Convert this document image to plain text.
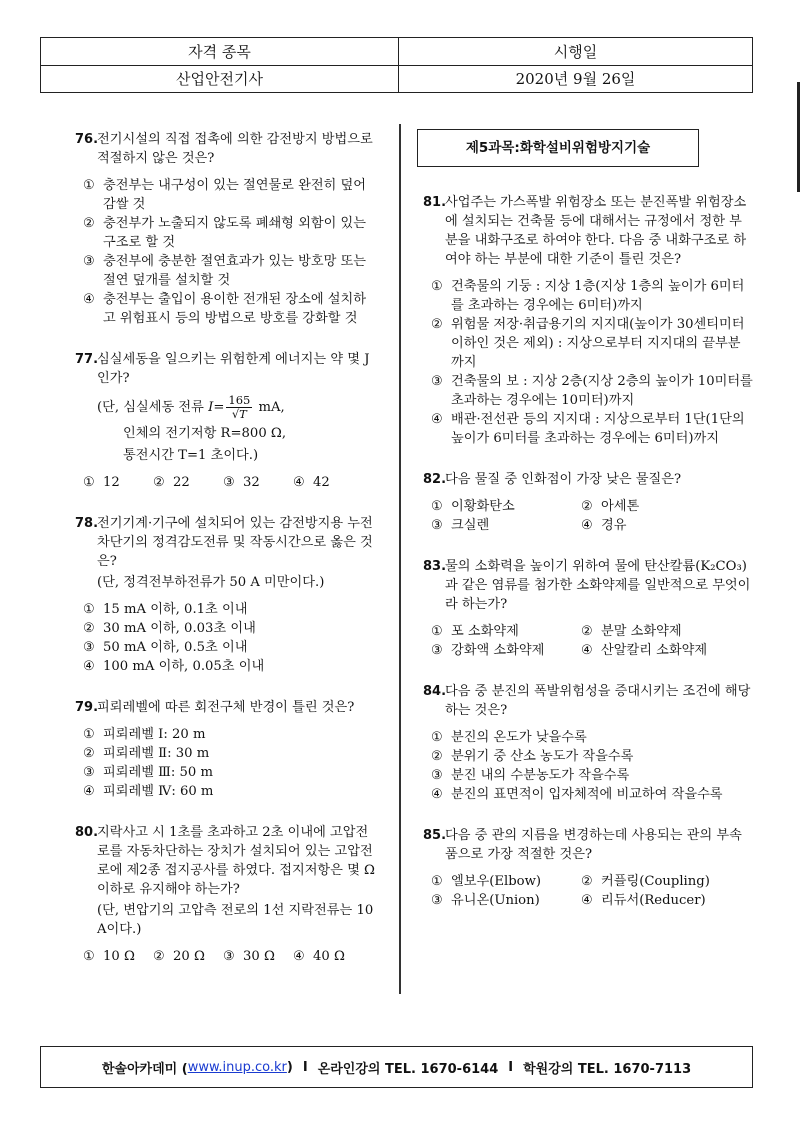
자격 종목	시행일
산업안전기사	2020년 9월 26일
76.
전기시설의 직접 접촉에 의한 감전방지 방법으로 적절하지 않은 것은?
① 충전부는 내구성이 있는 절연물로 완전히 덮어 감쌀 것
② 충전부가 노출되지 않도록 폐쇄형 외함이 있는 구조로 할 것
③ 충전부에 충분한 절연효과가 있는 방호망 또는 절연 덮개를 설치할 것
④ 충전부는 출입이 용이한 전개된 장소에 설치하고 위험표시 등의 방법으로 방호를 강화할 것
77.
심실세동을 일으키는 위험한계 에너지는 약 몇 J 인가?
(단, 심실세동 전류 $I= \frac{165}{√T}$ mA,
인체의 전기저항 R=800 Ω,
통전시간 T=1 초이다.)
① 12	② 22	③ 32	④ 42
78.
전기기계·기구에 설치되어 있는 감전방지용 누전차단기의 정격감도전류 및 작동시간으로 옳은 것은?
(단, 정격전부하전류가 50 A 미만이다.)
① 15 mA 이하, 0.1초 이내
② 30 mA 이하, 0.03초 이내
③ 50 mA 이하, 0.5초 이내
④ 100 mA 이하, 0.05초 이내
79.
피뢰레벨에 따른 회전구체 반경이 틀린 것은?
① 피뢰레벨 Ⅰ: 20 m
② 피뢰레벨 Ⅱ: 30 m
③ 피뢰레벨 Ⅲ: 50 m
④ 피뢰레벨 Ⅳ: 60 m
80.
지락사고 시 1초를 초과하고 2초 이내에 고압전로를 자동차단하는 장치가 설치되어 있는 고압전로에 제2종 접지공사를 하였다. 접지저항은 몇 Ω이하로 유지해야 하는가?
(단, 변압기의 고압측 전로의 1선 지락전류는 10 A이다.)
① 10 Ω	② 20 Ω	③ 30 Ω	④ 40 Ω
제5과목:화학설비위험방지기술
81.
사업주는 가스폭발 위험장소 또는 분진폭발 위험장소에 설치되는 건축물 등에 대해서는 규정에서 정한 부분을 내화구조로 하여야 한다. 다음 중 내화구조로 하여야 하는 부분에 대한 기준이 틀린 것은?
① 건축물의 기둥 : 지상 1층(지상 1층의 높이가 6미터를 초과하는 경우에는 6미터)까지
② 위험물 저장·취급용기의 지지대(높이가 30센티미터 이하인 것은 제외) : 지상으로부터 지지대의 끝부분까지
③ 건축물의 보 : 지상 2층(지상 2층의 높이가 10미터를 초과하는 경우에는 10미터)까지
④ 배관·전선관 등의 지지대 : 지상으로부터 1단(1단의 높이가 6미터를 초과하는 경우에는 6미터)까지
82.
다음 물질 중 인화점이 가장 낮은 물질은?
① 이황화탄소	② 아세톤
③ 크실렌	④ 경유
83.
물의 소화력을 높이기 위하여 물에 탄산칼륨(K₂CO₃)과 같은 염류를 첨가한 소화약제를 일반적으로 무엇이라 하는가?
① 포 소화약제	② 분말 소화약제
③ 강화액 소화약제	④ 산알칼리 소화약제
84.
다음 중 분진의 폭발위험성을 증대시키는 조건에 해당하는 것은?
① 분진의 온도가 낮을수록
② 분위기 중 산소 농도가 작을수록
③ 분진 내의 수분농도가 작을수록
④ 분진의 표면적이 입자체적에 비교하여 작을수록
85.
다음 중 관의 지름을 변경하는데 사용되는 관의 부속품으로 가장 적절한 것은?
① 엘보우(Elbow)	② 커플링(Coupling)
③ 유니온(Union)	④ 리듀서(Reducer)
한솔아카데미 ( www.inup.co.kr ) I 온라인강의 TEL. 1670-6144 I 학원강의 TEL. 1670-7113
